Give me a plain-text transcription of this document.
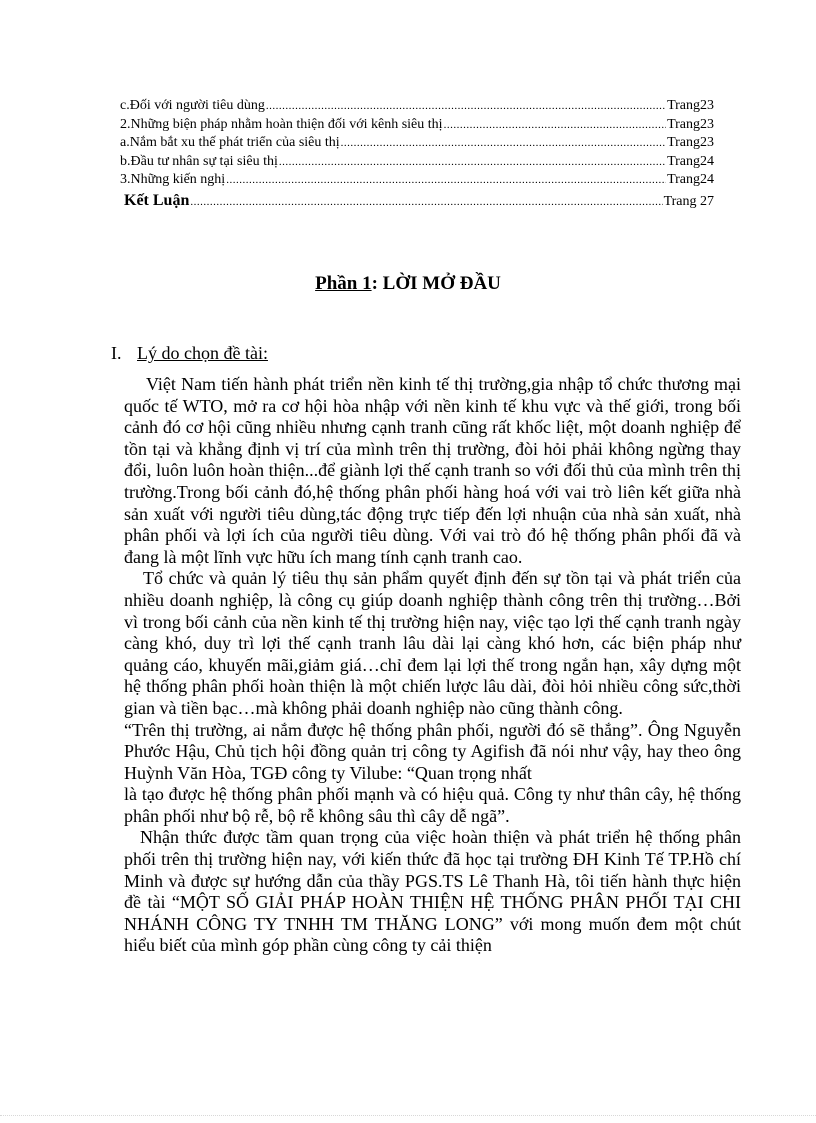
c.Đối với người tiêu dùng .....	Trang23
2.Những biện pháp nhằm hoàn thiện đối với kênh siêu thị .....	Trang23
a.Nắm bắt xu thế phát triển của siêu thị .....	Trang23
b.Đầu tư nhân sự tại siêu thị .....	Trang24
3.Những kiến nghị .....	Trang24
Kết Luận .....	Trang 27
Phần 1: LỜI MỞ ĐẦU
I. Lý do chọn đề tài:

Việt Nam tiến hành phát triển nền kinh tế thị trường,gia nhập tổ chức thương mại quốc tế WTO, mở ra cơ hội hòa nhập với nền kinh tế khu vực và thế giới, trong bối cảnh đó cơ hội cũng nhiều nhưng cạnh tranh cũng rất khốc liệt, một doanh nghiệp để tồn tại và khẳng định vị trí của mình trên thị trường, đòi hỏi phải không ngừng thay đổi, luôn luôn hoàn thiện...để giành lợi thế cạnh tranh so với đối thủ của mình trên thị trường.Trong bối cảnh đó,hệ thống phân phối hàng hoá với vai trò liên kết giữa nhà sản xuất với người tiêu dùng,tác động trực tiếp đến lợi nhuận của nhà sản xuất, nhà phân phối và lợi ích của người tiêu dùng. Với vai trò đó hệ thống phân phối đã và đang là một lĩnh vực hữu ích mang tính cạnh tranh cao.

Tổ chức và quản lý tiêu thụ sản phẩm quyết định đến sự tồn tại và phát triển của nhiều doanh nghiệp, là công cụ giúp doanh nghiệp thành công trên thị trường…Bởi vì trong bối cảnh của nền kinh tế thị trường hiện nay, việc tạo lợi thế cạnh tranh ngày càng khó, duy trì lợi thế cạnh tranh lâu dài lại càng khó hơn, các biện pháp như quảng cáo, khuyến mãi,giảm giá…chỉ đem lại lợi thế trong ngắn hạn, xây dựng một hệ thống phân phối hoàn thiện là một chiến lược lâu dài, đòi hỏi nhiều công sức,thời gian và tiền bạc…mà không phải doanh nghiệp nào cũng thành công.

“Trên thị trường, ai nắm được hệ thống phân phối, người đó sẽ thắng”. Ông Nguyễn Phước Hậu, Chủ tịch hội đồng quản trị công ty Agifish đã nói như vậy, hay theo ông Huỳnh Văn Hòa, TGĐ công ty Vilube: “Quan trọng nhất

là tạo được hệ thống phân phối mạnh và có hiệu quả. Công ty như thân cây, hệ thống phân phối như bộ rễ, bộ rễ không sâu thì cây dễ ngã”.

Nhận thức được tầm quan trọng của việc hoàn thiện và phát triển hệ thống phân phối trên thị trường hiện nay, với kiến thức đã học tại trường ĐH Kinh Tế TP.Hồ chí Minh và được sự hướng dẫn của thầy PGS.TS Lê Thanh Hà, tôi tiến hành thực hiện đề tài “MỘT SỐ GIẢI PHÁP HOÀN THIỆN HỆ THỐNG PHÂN PHỐI TẠI CHI NHÁNH CÔNG TY TNHH TM THĂNG LONG” với mong muốn đem một chút hiểu biết của mình góp phần cùng công ty cải thiện
